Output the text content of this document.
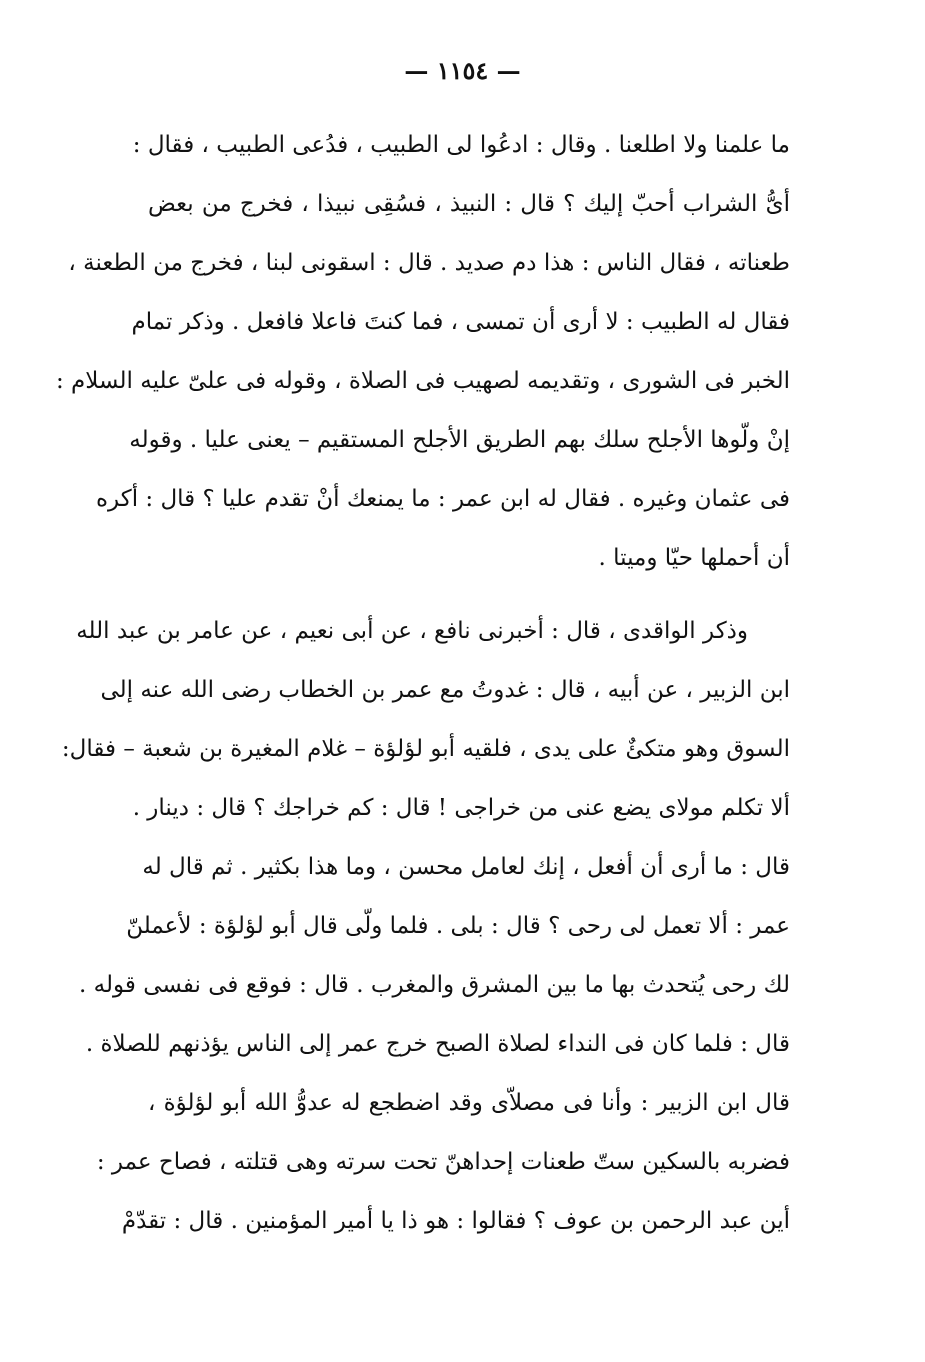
— ١١٥٤ —
ما علمنا ولا اطلعنا . وقال : ادعُوا لى الطبيب ، فدُعى الطبيب ، فقال :
أىُّ الشراب أحبّ إليك ؟ قال : النبيذ ، فسُقِى نبيذا ، فخرج من بعض
طعناته ، فقال الناس : هذا دم صديد . قال : اسقونى لبنا ، فخرج من الطعنة ،
فقال له الطبيب : لا أرى أن تمسى ، فما كنتَ فاعلا فافعل . وذكر تمام
الخبر فى الشورى ، وتقديمه لصهيب فى الصلاة ، وقوله فى علىّ عليه السلام :
إنْ ولّوها الأجلح سلك بهم الطريق الأجلح المستقيم – يعنى عليا . وقوله
فى عثمان وغيره . فقال له ابن عمر : ما يمنعك أنْ تقدم عليا ؟ قال : أكره
أن أحملها حيّا وميتا .
وذكر الواقدى ، قال : أخبرنى نافع ، عن أبى نعيم ، عن عامر بن عبد الله
ابن الزبير ، عن أبيه ، قال : غدوتُ مع عمر بن الخطاب رضى الله عنه إلى
السوق وهو متكئٌ على يدى ، فلقيه أبو لؤلؤة – غلام المغيرة بن شعبة – فقال:
ألا تكلم مولاى يضع عنى من خراجى ! قال : كم خراجك ؟ قال : دينار .
قال : ما أرى أن أفعل ، إنك لعامل محسن ، وما هذا بكثير . ثم قال له
عمر : ألا تعمل لى رحى ؟ قال : بلى . فلما ولّى قال أبو لؤلؤة : لأعملنّ
لك رحى يُتحدث بها ما بين المشرق والمغرب . قال : فوقع فى نفسى قوله .
قال : فلما كان فى النداء لصلاة الصبح خرج عمر إلى الناس يؤذنهم للصلاة .
قال ابن الزبير : وأنا فى مصلاّى وقد اضطجع له عدوُّ الله أبو لؤلؤة ،
فضربه بالسكين ستّ طعنات إحداهنّ تحت سرته وهى قتلته ، فصاح عمر :
أين عبد الرحمن بن عوف ؟ فقالوا : هو ذا يا أمير المؤمنين . قال : تقدّمْ
